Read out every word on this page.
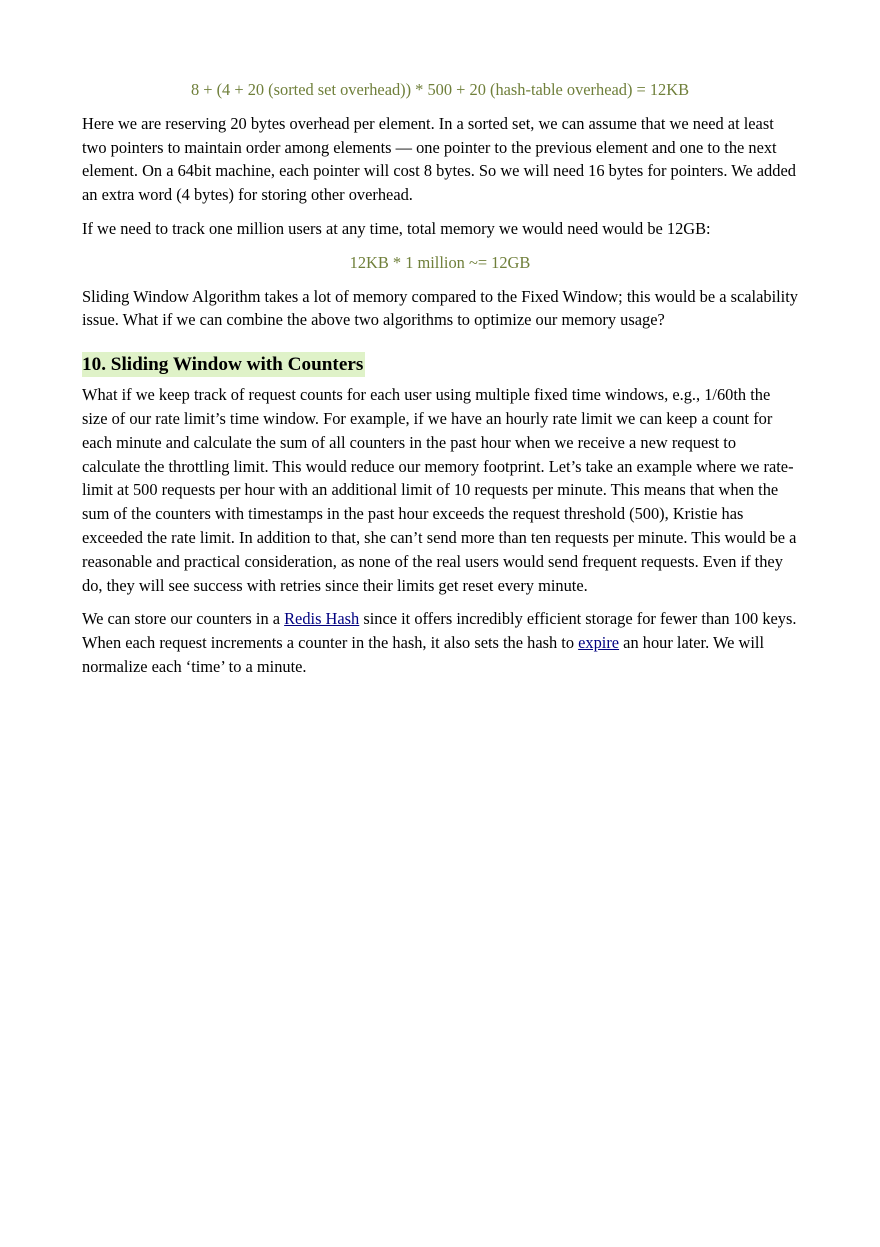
8 + (4 + 20 (sorted set overhead)) * 500 + 20 (hash-table overhead) = 12KB

Here we are reserving 20 bytes overhead per element. In a sorted set, we can assume that we need at least two pointers to maintain order among elements — one pointer to the previous element and one to the next element. On a 64bit machine, each pointer will cost 8 bytes. So we will need 16 bytes for pointers. We added an extra word (4 bytes) for storing other overhead.

If we need to track one million users at any time, total memory we would need would be 12GB:

12KB * 1 million ~= 12GB

Sliding Window Algorithm takes a lot of memory compared to the Fixed Window; this would be a scalability issue. What if we can combine the above two algorithms to optimize our memory usage?

10. Sliding Window with Counters

What if we keep track of request counts for each user using multiple fixed time windows, e.g., 1/60th the size of our rate limit’s time window. For example, if we have an hourly rate limit we can keep a count for each minute and calculate the sum of all counters in the past hour when we receive a new request to calculate the throttling limit. This would reduce our memory footprint. Let’s take an example where we rate-limit at 500 requests per hour with an additional limit of 10 requests per minute. This means that when the sum of the counters with timestamps in the past hour exceeds the request threshold (500), Kristie has exceeded the rate limit. In addition to that, she can’t send more than ten requests per minute. This would be a reasonable and practical consideration, as none of the real users would send frequent requests. Even if they do, they will see success with retries since their limits get reset every minute.

We can store our counters in a Redis Hash since it offers incredibly efficient storage for fewer than 100 keys. When each request increments a counter in the hash, it also sets the hash to expire an hour later. We will normalize each ‘time’ to a minute.
